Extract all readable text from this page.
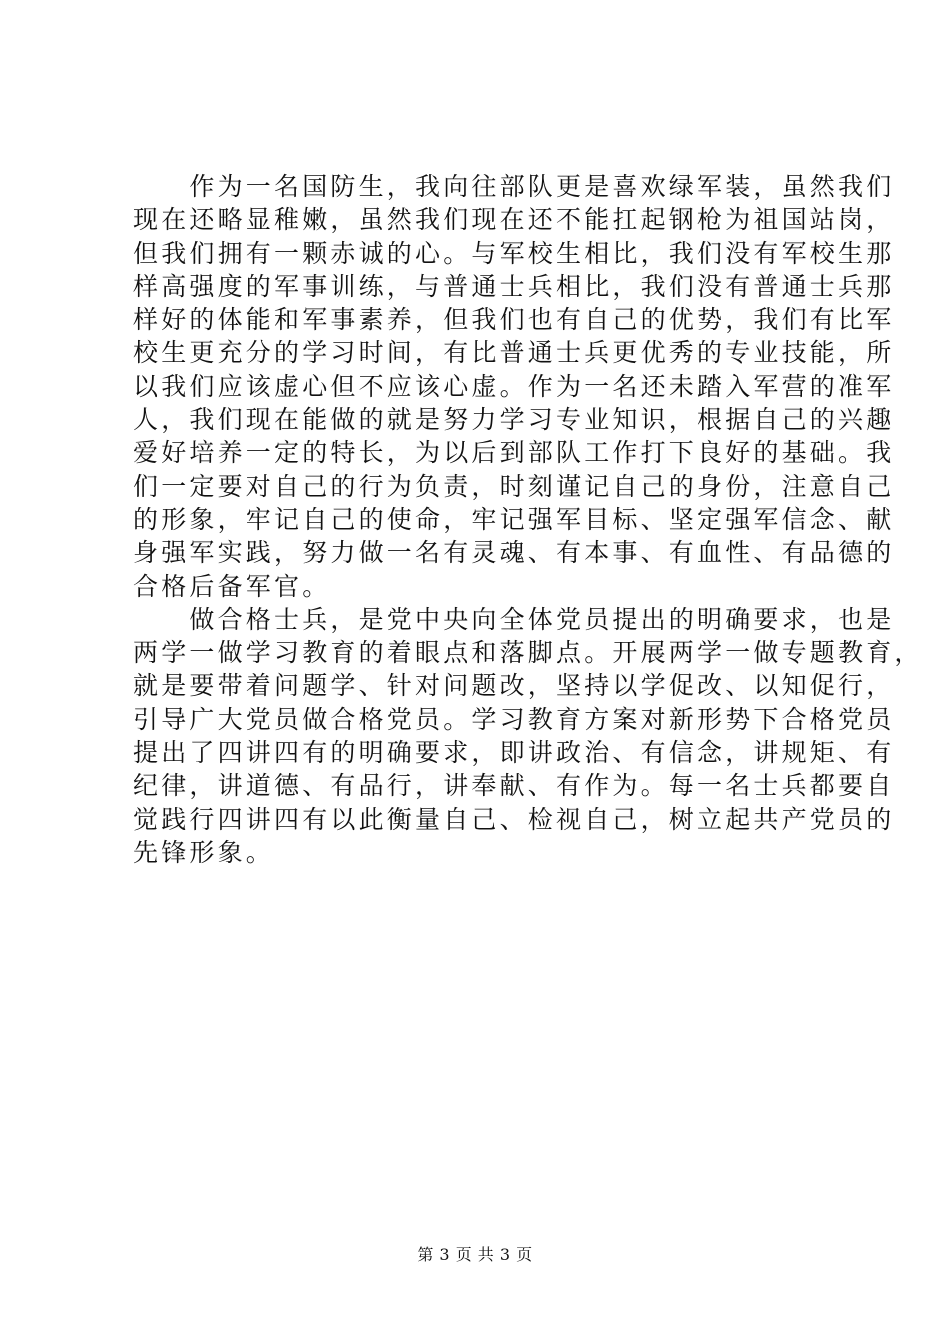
　　作为一名国防生，我向往部队更是喜欢绿军装，虽然我们
现在还略显稚嫩，虽然我们现在还不能扛起钢枪为祖国站岗，
但我们拥有一颗赤诚的心。与军校生相比，我们没有军校生那
样高强度的军事训练，与普通士兵相比，我们没有普通士兵那
样好的体能和军事素养，但我们也有自己的优势，我们有比军
校生更充分的学习时间，有比普通士兵更优秀的专业技能，所
以我们应该虚心但不应该心虚。作为一名还未踏入军营的准军
人，我们现在能做的就是努力学习专业知识，根据自己的兴趣
爱好培养一定的特长，为以后到部队工作打下良好的基础。我
们一定要对自己的行为负责，时刻谨记自己的身份，注意自己
的形象，牢记自己的使命，牢记强军目标、坚定强军信念、献
身强军实践，努力做一名有灵魂、有本事、有血性、有品德的
合格后备军官。
　　做合格士兵，是党中央向全体党员提出的明确要求，也是
两学一做学习教育的着眼点和落脚点。开展两学一做专题教育，
就是要带着问题学、针对问题改，坚持以学促改、以知促行，
引导广大党员做合格党员。学习教育方案对新形势下合格党员
提出了四讲四有的明确要求，即讲政治、有信念，讲规矩、有
纪律，讲道德、有品行，讲奉献、有作为。每一名士兵都要自
觉践行四讲四有以此衡量自己、检视自己，树立起共产党员的
先锋形象。
第 3 页 共 3 页
